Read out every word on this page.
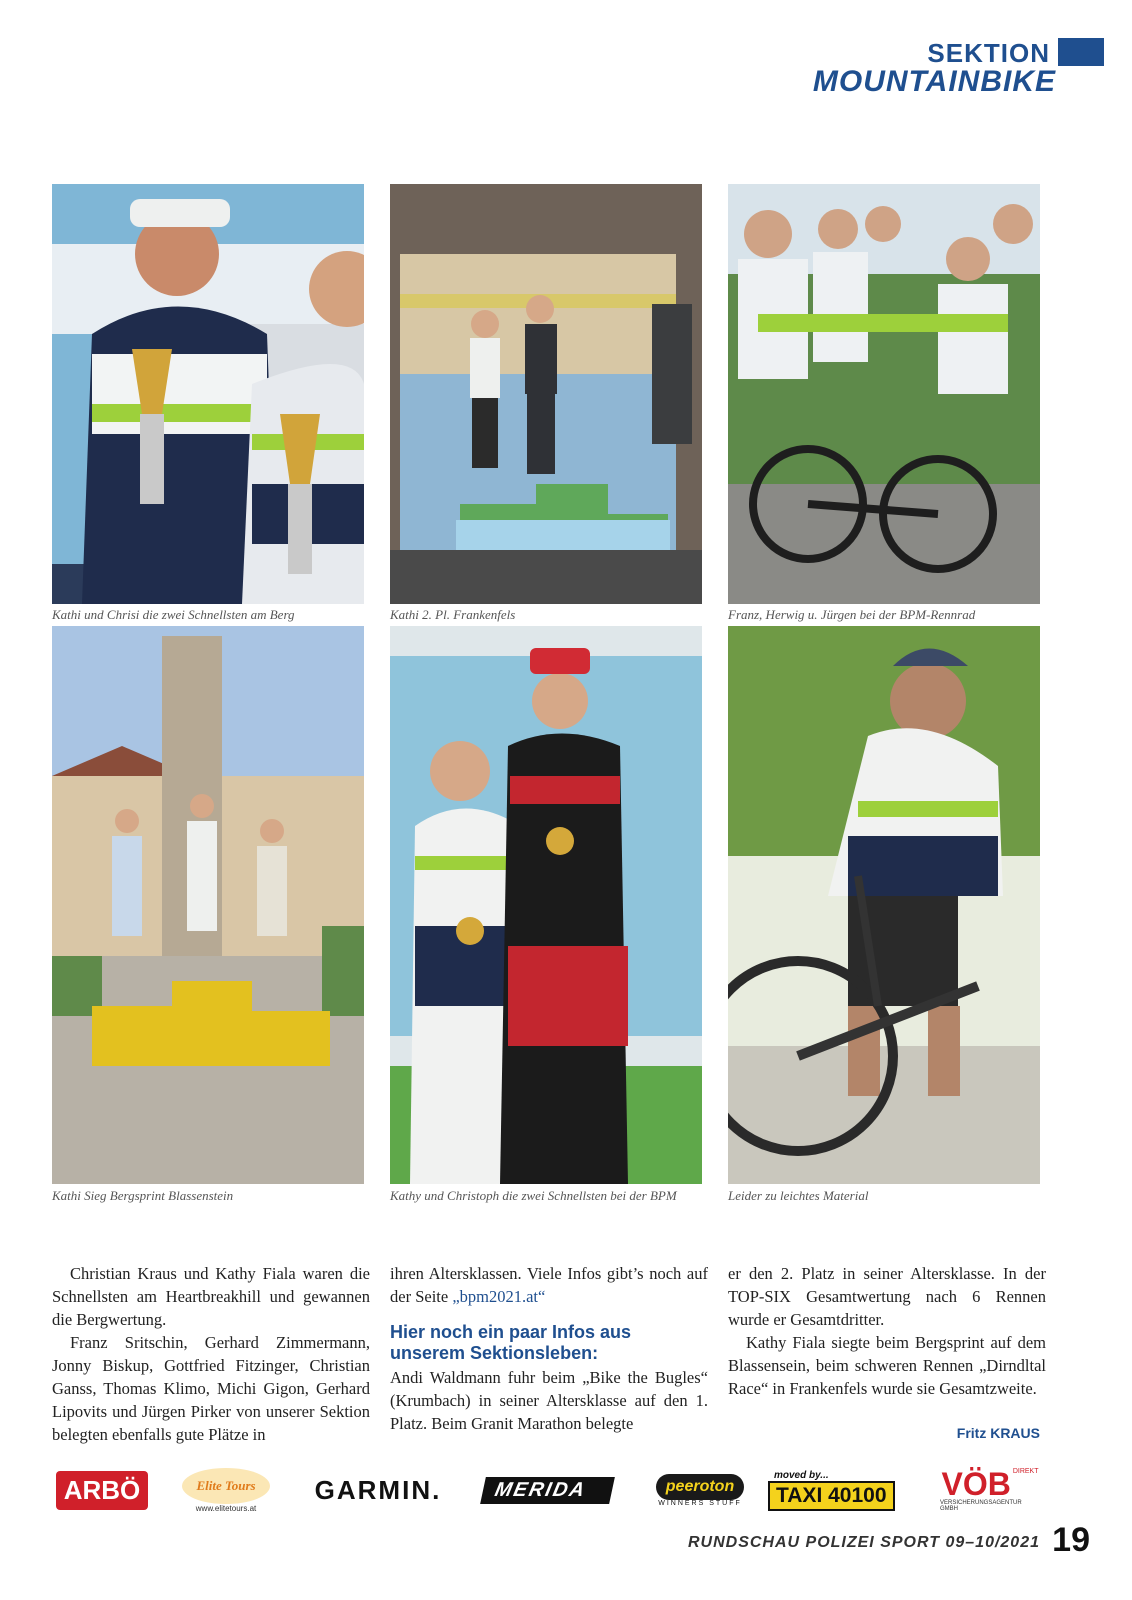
SEKTION
MOUNTAINBIKE
Kathi und Chrisi die zwei Schnellsten am Berg	Kathi 2. Pl. Frankenfels	Franz, Herwig u. Jürgen bei der BPM-Rennrad
Kathi Sieg Bergsprint Blassenstein	Kathy und Christoph die zwei Schnellsten bei der BPM	Leider zu leichtes Material

Christian Kraus und Kathy Fiala waren die Schnellsten am Heartbreakhill und gewannen die Bergwertung.

Franz Sritschin, Gerhard Zimmermann, Jonny Biskup, Gottfried Fitzinger, Christian Ganss, Thomas Klimo, Michi Gigon, Gerhard Lipovits und Jürgen Pirker von unserer Sektion belegten ebenfalls gute Plätze in

ihren Altersklassen. Viele Infos gibt’s noch auf der Seite „bpm2021.at“

Hier noch ein paar Infos aus unserem Sektionsleben:

Andi Waldmann fuhr beim „Bike the Bugles“ (Krumbach) in seiner Altersklasse auf den 1. Platz. Beim Granit Marathon belegte

er den 2. Platz in seiner Altersklasse. In der TOP-SIX Gesamtwertung nach 6 Rennen wurde er Gesamtdritter.

Kathy Fiala siegte beim Bergsprint auf dem Blassensein, beim schweren Rennen „Dirndltal Race“ in Frankenfels wurde sie Gesamtzweite.

Fritz KRAUS
ARBÖ	Elite Tours
www.elitetours.at
GARMIN.	MERIDA	peeroton
WINNERS STUFF
moved by...
TAXI 40100 VÖB DIREKT
VERSICHERUNGSAGENTUR GMBH
RUNDSCHAU POLIZEI SPORT 09–10/2021 19
